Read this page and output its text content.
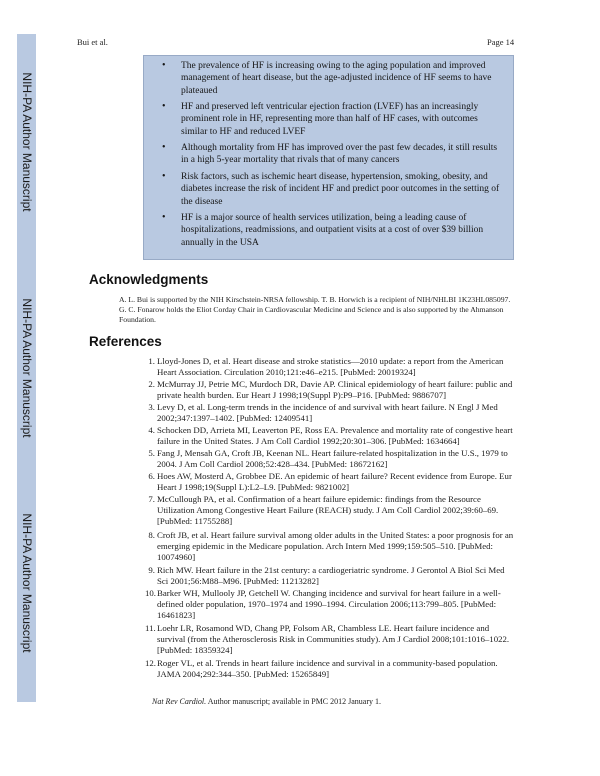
NIH-PA Author Manuscript
NIH-PA Author Manuscript
NIH-PA Author Manuscript
Bui et al.	Page 14
• The prevalence of HF is increasing owing to the aging population and improved management of heart disease, but the age-adjusted incidence of HF seems to have plateaued
• HF and preserved left ventricular ejection fraction (LVEF) has an increasingly prominent role in HF, representing more than half of HF cases, with outcomes similar to HF and reduced LVEF
• Although mortality from HF has improved over the past few decades, it still results in a high 5-year mortality that rivals that of many cancers
• Risk factors, such as ischemic heart disease, hypertension, smoking, obesity, and diabetes increase the risk of incident HF and predict poor outcomes in the setting of the disease
• HF is a major source of health services utilization, being a leading cause of hospitalizations, readmissions, and outpatient visits at a cost of over $39 billion annually in the USA
Acknowledgments
A. L. Bui is supported by the NIH Kirschstein-NRSA fellowship. T. B. Horwich is a recipient of NIH/NHLBI 1K23HL085097. G. C. Fonarow holds the Eliot Corday Chair in Cardiovascular Medicine and Science and is also supported by the Ahmanson Foundation.
References
1. Lloyd-Jones D, et al. Heart disease and stroke statistics—2010 update: a report from the American Heart Association. Circulation 2010;121:e46–e215. [PubMed: 20019324]
2. McMurray JJ, Petrie MC, Murdoch DR, Davie AP. Clinical epidemiology of heart failure: public and private health burden. Eur Heart J 1998;19(Suppl P):P9–P16. [PubMed: 9886707]
3. Levy D, et al. Long-term trends in the incidence of and survival with heart failure. N Engl J Med 2002;347:1397–1402. [PubMed: 12409541]
4. Schocken DD, Arrieta MI, Leaverton PE, Ross EA. Prevalence and mortality rate of congestive heart failure in the United States. J Am Coll Cardiol 1992;20:301–306. [PubMed: 1634664]
5. Fang J, Mensah GA, Croft JB, Keenan NL. Heart failure-related hospitalization in the U.S., 1979 to 2004. J Am Coll Cardiol 2008;52:428–434. [PubMed: 18672162]
6. Hoes AW, Mosterd A, Grobbee DE. An epidemic of heart failure? Recent evidence from Europe. Eur Heart J 1998;19(Suppl L):L2–L9. [PubMed: 9821002]
7. McCullough PA, et al. Confirmation of a heart failure epidemic: findings from the Resource Utilization Among Congestive Heart Failure (REACH) study. J Am Coll Cardiol 2002;39:60–69. [PubMed: 11755288]
8. Croft JB, et al. Heart failure survival among older adults in the United States: a poor prognosis for an emerging epidemic in the Medicare population. Arch Intern Med 1999;159:505–510. [PubMed: 10074960]
9. Rich MW. Heart failure in the 21st century: a cardiogeriatric syndrome. J Gerontol A Biol Sci Med Sci 2001;56:M88–M96. [PubMed: 11213282]
10. Barker WH, Mullooly JP, Getchell W. Changing incidence and survival for heart failure in a well-defined older population, 1970–1974 and 1990–1994. Circulation 2006;113:799–805. [PubMed: 16461823]
11. Loehr LR, Rosamond WD, Chang PP, Folsom AR, Chambless LE. Heart failure incidence and survival (from the Atherosclerosis Risk in Communities study). Am J Cardiol 2008;101:1016–1022. [PubMed: 18359324]
12. Roger VL, et al. Trends in heart failure incidence and survival in a community-based population. JAMA 2004;292:344–350. [PubMed: 15265849]
Nat Rev Cardiol. Author manuscript; available in PMC 2012 January 1.
